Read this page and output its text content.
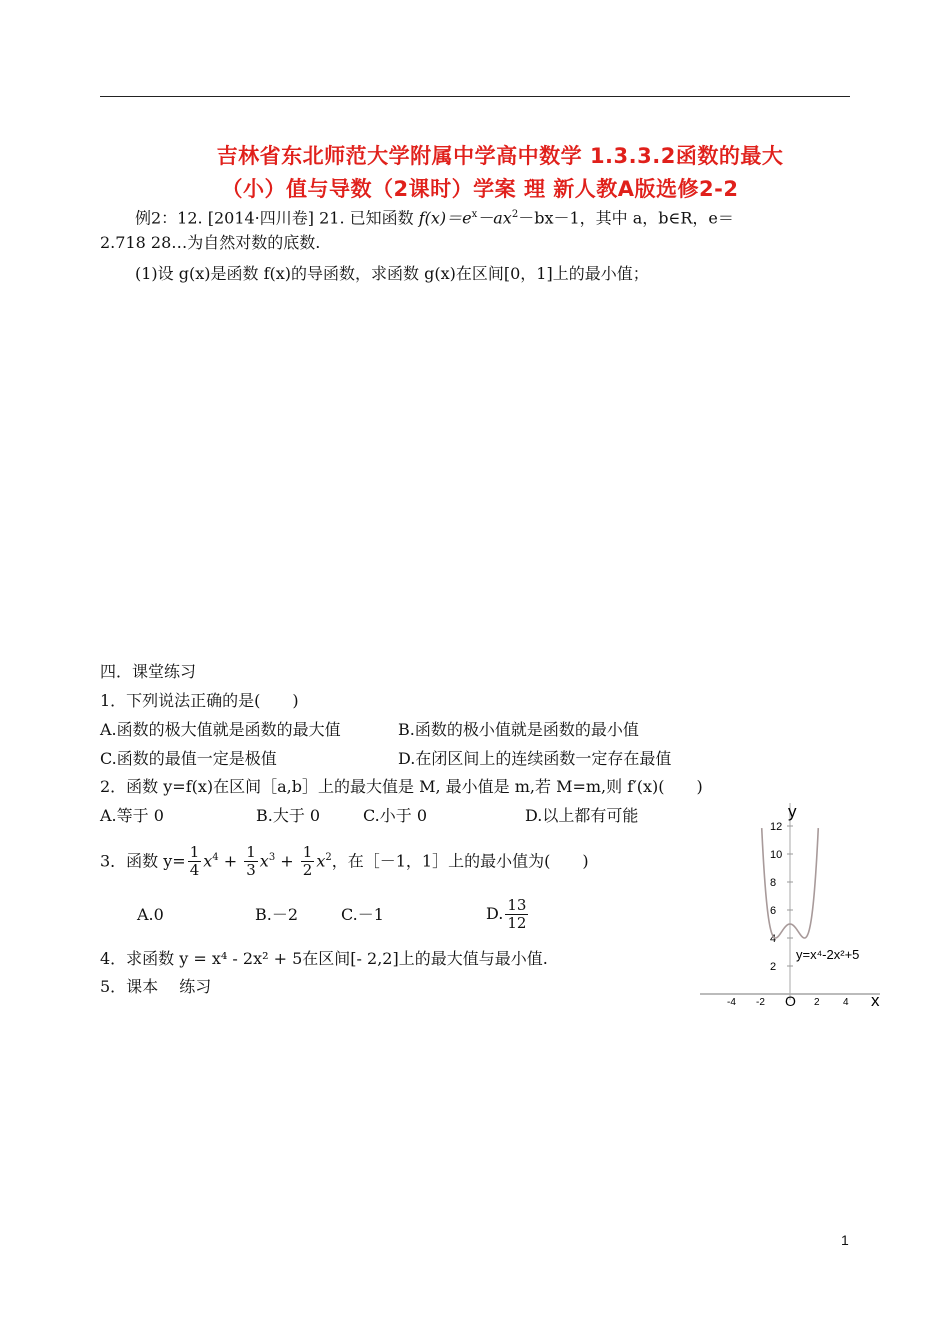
吉林省东北师范大学附属中学高中数学 1.3.3.2函数的最大
（小）值与导数（2课时）学案 理 新人教A版选修2-2
例2：12. [2014·四川卷] 21. 已知函数 $f(x)=e^x-ax^2-bx-1$，其中 a，b∈R，e＝
2.718 28…为自然对数的底数.
(1)设 g(x)是函数 f(x)的导函数，求函数 g(x)在区间[0，1]上的最小值；
四．课堂练习
1．下列说法正确的是(　　)
A.函数的极大值就是函数的最大值	B.函数的极小值就是函数的最小值
C.函数的最值一定是极值	D.在闭区间上的连续函数一定存在最值
2．函数 y=f(x)在区间［a,b］上的最大值是 M, 最小值是 m,若 M=m,则 f′(x)(　　)
A.等于 0	B.大于 0	C.小于 0	D.以上都有可能
3．函数 $y= \frac{1}{4} x^4 + \frac{1}{3} x^3 + \frac{1}{2} x^2$，在［－1，1］上的最小值为(　　)
A.0	B.－2	C.－1	D. $\frac{13}{12}$
4．求函数 y = x⁴ - 2x² + 5在区间[- 2,2]上的最大值与最小值.
5．课本　 练习
12
10
8
6
4
2
-4 -2	2 4
y
x
O
y=x⁴-2x²+5
1
